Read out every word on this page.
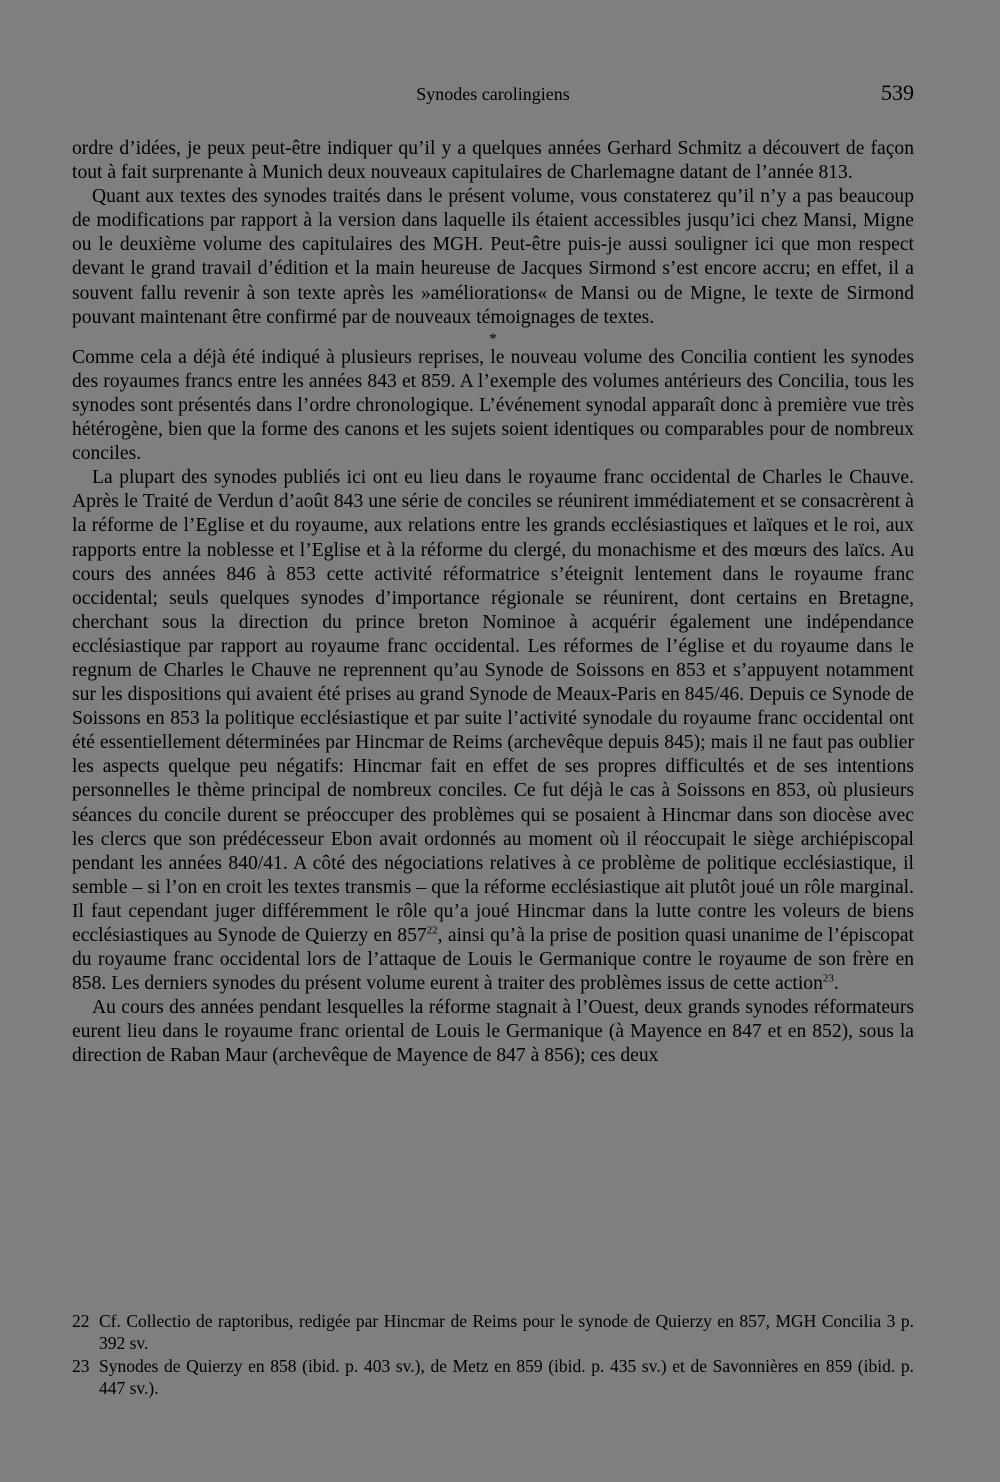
Synodes carolingiens	539

ordre d’idées, je peux peut-être indiquer qu’il y a quelques années Gerhard Schmitz a découvert de façon tout à fait surprenante à Munich deux nouveaux capitulaires de Charlemagne datant de l’année 813.

Quant aux textes des synodes traités dans le présent volume, vous constaterez qu’il n’y a pas beaucoup de modifications par rapport à la version dans laquelle ils étaient accessibles jusqu’ici chez Mansi, Migne ou le deuxième volume des capitulaires des MGH. Peut-être puis-je aussi souligner ici que mon respect devant le grand travail d’édition et la main heureuse de Jacques Sirmond s’est encore accru; en effet, il a souvent fallu revenir à son texte après les »améliorations« de Mansi ou de Migne, le texte de Sirmond pouvant maintenant être confirmé par de nouveaux témoignages de textes.

*

Comme cela a déjà été indiqué à plusieurs reprises, le nouveau volume des Concilia contient les synodes des royaumes francs entre les années 843 et 859. A l’exemple des volumes antérieurs des Concilia, tous les synodes sont présentés dans l’ordre chronologique. L’événement synodal apparaît donc à première vue très hétérogène, bien que la forme des canons et les sujets soient identiques ou comparables pour de nombreux conciles.

La plupart des synodes publiés ici ont eu lieu dans le royaume franc occidental de Charles le Chauve. Après le Traité de Verdun d’août 843 une série de conciles se réunirent immédiatement et se consacrèrent à la réforme de l’Eglise et du royaume, aux relations entre les grands ecclésiastiques et laïques et le roi, aux rapports entre la noblesse et l’Eglise et à la réforme du clergé, du monachisme et des mœurs des laïcs. Au cours des années 846 à 853 cette activité réformatrice s’éteignit lentement dans le royaume franc occidental; seuls quelques synodes d’importance régionale se réunirent, dont certains en Bretagne, cherchant sous la direction du prince breton Nominoe à acquérir également une indépendance ecclésiastique par rapport au royaume franc occidental. Les réformes de l’église et du royaume dans le regnum de Charles le Chauve ne reprennent qu’au Synode de Soissons en 853 et s’appuyent notamment sur les dispositions qui avaient été prises au grand Synode de Meaux-Paris en 845/46. Depuis ce Synode de Soissons en 853 la politique ecclésiastique et par suite l’activité synodale du royaume franc occidental ont été essentiellement déterminées par Hincmar de Reims (archevêque depuis 845); mais il ne faut pas oublier les aspects quelque peu négatifs: Hincmar fait en effet de ses propres difficultés et de ses intentions personnelles le thème principal de nombreux conciles. Ce fut déjà le cas à Soissons en 853, où plusieurs séances du concile durent se préoccuper des problèmes qui se posaient à Hincmar dans son diocèse avec les clercs que son prédécesseur Ebon avait ordonnés au moment où il réoccupait le siège archiépiscopal pendant les années 840/41. A côté des négociations relatives à ce problème de politique ecclésiastique, il semble – si l’on en croit les textes transmis – que la réforme ecclésiastique ait plutôt joué un rôle marginal. Il faut cependant juger différemment le rôle qu’a joué Hincmar dans la lutte contre les voleurs de biens ecclésiastiques au Synode de Quierzy en $857^{22}$, ainsi qu’à la prise de position quasi unanime de l’épiscopat du royaume franc occidental lors de l’attaque de Louis le Germanique contre le royaume de son frère en 858. Les derniers synodes du présent volume eurent à traiter des problèmes issus de cette action$^{23}$.

Au cours des années pendant lesquelles la réforme stagnait à l’Ouest, deux grands synodes réformateurs eurent lieu dans le royaume franc oriental de Louis le Germanique (à Mayence en 847 et en 852), sous la direction de Raban Maur (archevêque de Mayence de 847 à 856); ces deux

22 Cf. Collectio de raptoribus, redigée par Hincmar de Reims pour le synode de Quierzy en 857, MGH Concilia 3 p. 392 sv.
23 Synodes de Quierzy en 858 (ibid. p. 403 sv.), de Metz en 859 (ibid. p. 435 sv.) et de Savonnières en 859 (ibid. p. 447 sv.).
